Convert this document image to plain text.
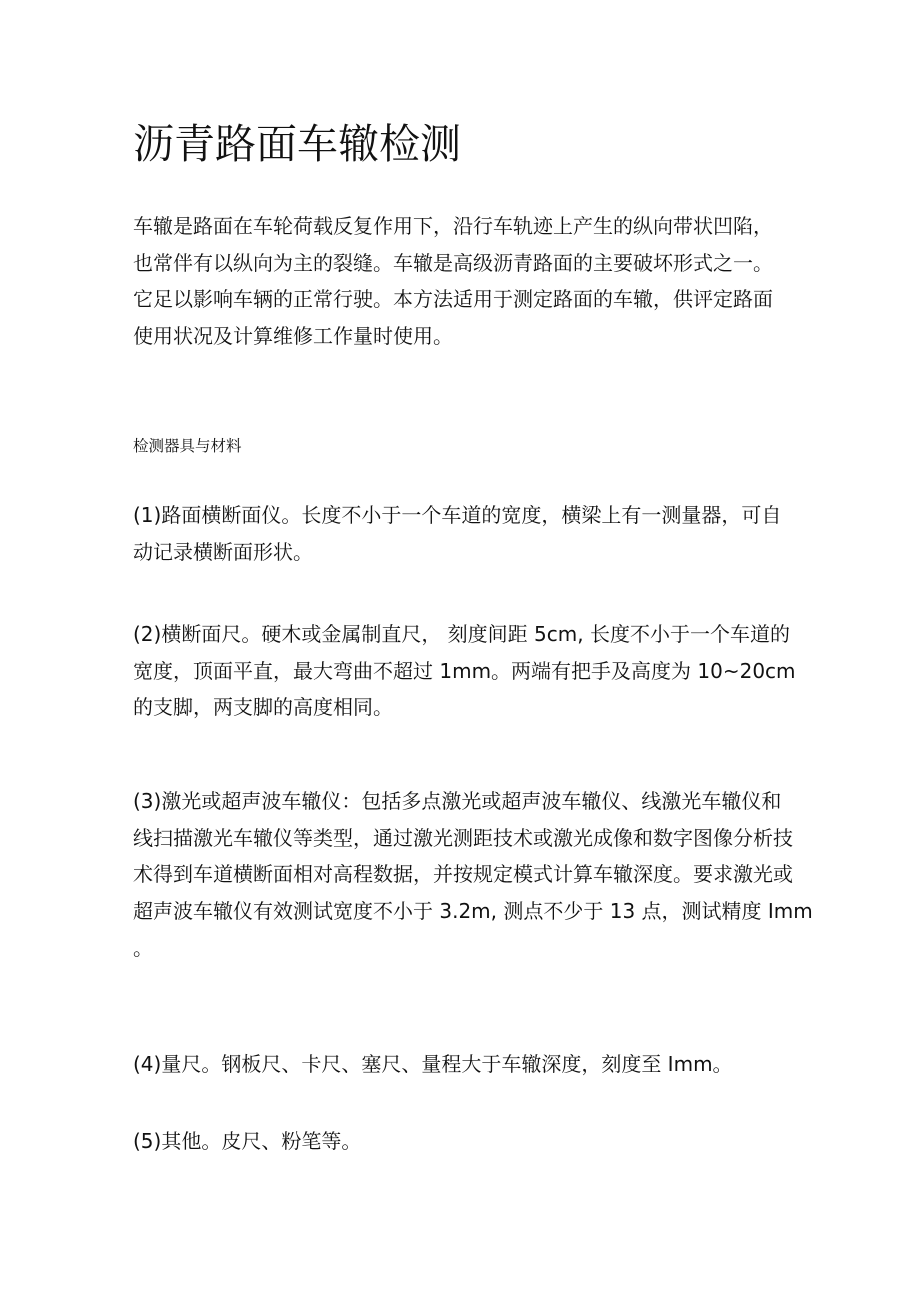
沥青路面车辙检测

车辙是路面在车轮荷载反复作用下，沿行车轨迹上产生的纵向带状凹陷，
也常伴有以纵向为主的裂缝。车辙是高级沥青路面的主要破坏形式之一。
它足以影响车辆的正常行驶。本方法适用于测定路面的车辙，供评定路面
使用状况及计算维修工作量时使用。

检测器具与材料

(1)路面横断面仪。长度不小于一个车道的宽度，横梁上有一测量器，可自
动记录横断面形状。

(2)横断面尺。硬木或金属制直尺， 刻度间距 5cm, 长度不小于一个车道的
宽度，顶面平直，最大弯曲不超过 1mm。两端有把手及高度为 10~20cm
的支脚，两支脚的高度相同。

(3)激光或超声波车辙仪：包括多点激光或超声波车辙仪、线激光车辙仪和
线扫描激光车辙仪等类型，通过激光测距技术或激光成像和数字图像分析技
术得到车道横断面相对高程数据，并按规定模式计算车辙深度。要求激光或
超声波车辙仪有效测试宽度不小于 3.2m, 测点不少于 13 点，测试精度 Imm
。

(4)量尺。钢板尺、卡尺、塞尺、量程大于车辙深度，刻度至 Imm。

(5)其他。皮尺、粉笔等。
